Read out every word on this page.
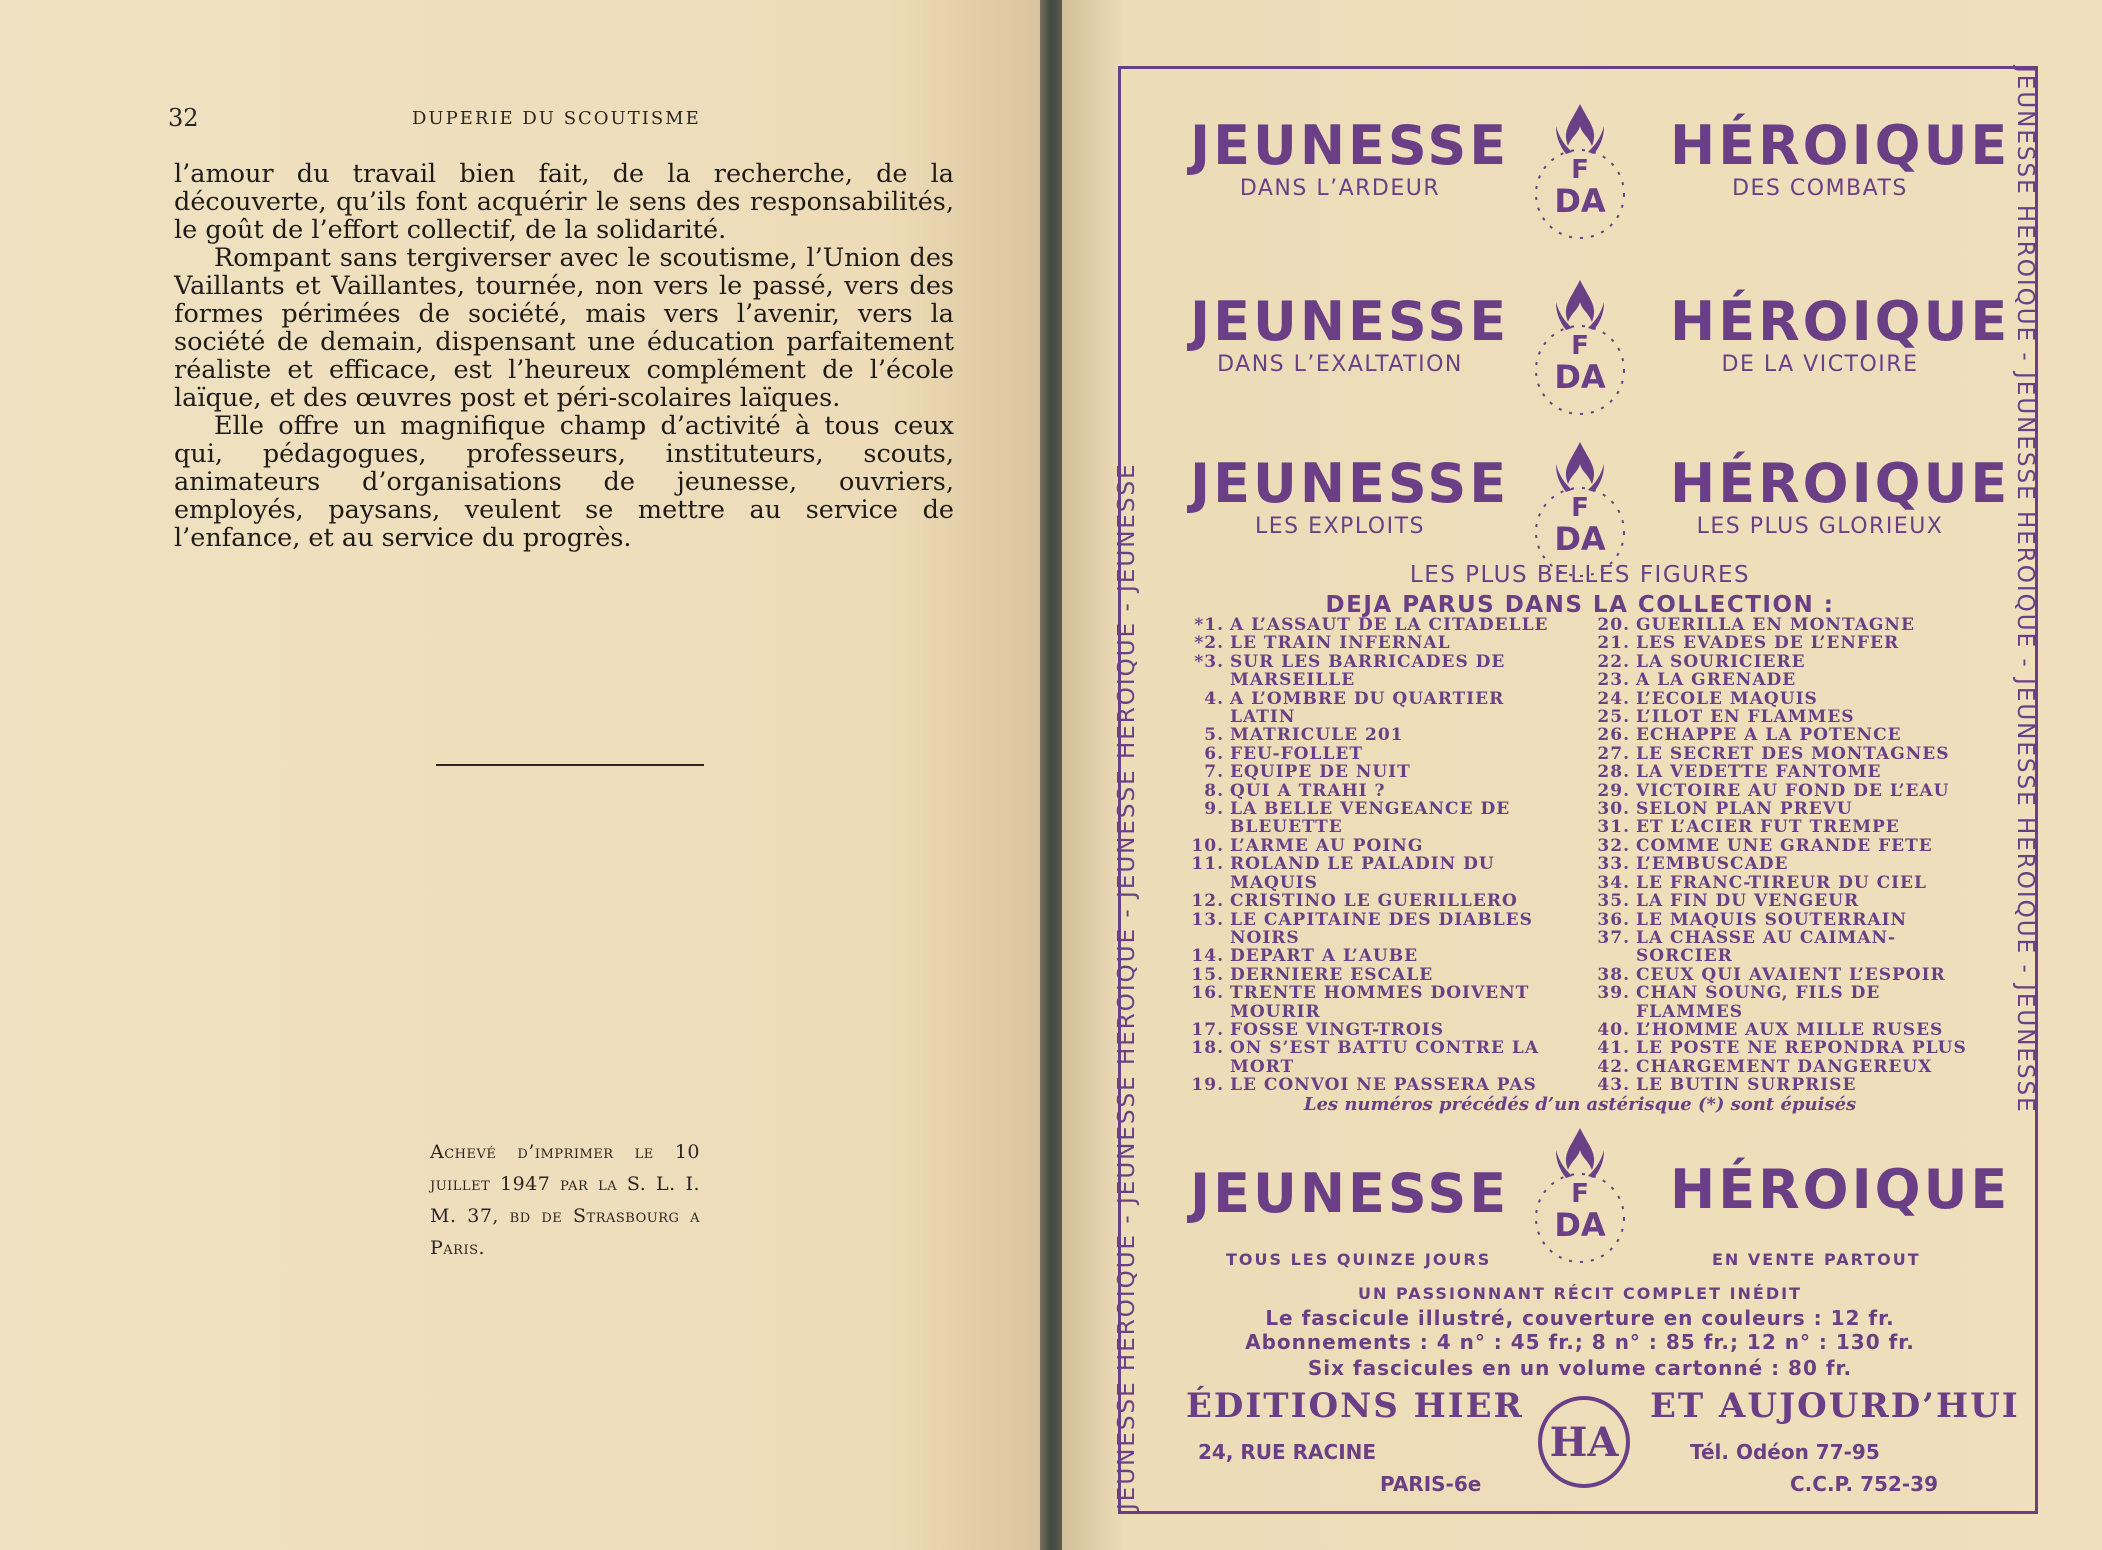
32	DUPERIE DU SCOUTISME

l’amour du travail bien fait, de la recherche, de la découverte, qu’ils font acquérir le sens des responsabilités, le goût de l’effort collectif, de la solidarité.

Rompant sans tergiverser avec le scoutisme, l’Union des Vaillants et Vaillantes, tournée, non vers le passé, vers des formes périmées de société, mais vers l’avenir, vers la société de demain, dispensant une éducation parfaitement réaliste et efficace, est l’heureux complément de l’école laïque, et des œuvres post et péri-scolaires laïques.

Elle offre un magnifique champ d’activité à tous ceux qui, pédagogues, professeurs, instituteurs, scouts, animateurs d’organisations de jeunesse, ouvriers, employés, paysans, veulent se mettre au service de l’enfance, et au service du progrès.

Achevé d’imprimer le 10 juillet 1947 par la S. L. I. M. 37, bd de Strasbourg a Paris.	JEUNESSE HEROIQUE - JEUNESSE HEROIQUE - JEUNESSE HEROIQUE - JEUNESSE	JEUNESSE HEROIQUE - JEUNESSE HEROIQUE - JEUNESSE HEROIQUE - JEUNESSE
JEUNESSE
DANS L’ARDEUR
F
DA
HÉROIQUE
DES COMBATS
JEUNESSE
DANS L’EXALTATION
F
DA
HÉROIQUE
DE LA VICTOIRE
JEUNESSE
LES EXPLOITS
F
DA
HÉROIQUE
LES PLUS GLORIEUX
LES PLUS BELLES FIGURES
DEJA PARUS DANS LA COLLECTION :
*1. A L’ASSAUT DE LA CITADELLE
*2. LE TRAIN INFERNAL
*3. SUR LES BARRICADES DE MARSEILLE
4. A L’OMBRE DU QUARTIER LATIN
5. MATRICULE 201
6. FEU-FOLLET
7. EQUIPE DE NUIT
8. QUI A TRAHI ?
9. LA BELLE VENGEANCE DE BLEUETTE
10. L’ARME AU POING
11. ROLAND LE PALADIN DU MAQUIS
12. CRISTINO LE GUERILLERO
13. LE CAPITAINE DES DIABLES NOIRS
14. DEPART A L’AUBE
15. DERNIERE ESCALE
16. TRENTE HOMMES DOIVENT MOURIR
17. FOSSE VINGT-TROIS
18. ON S’EST BATTU CONTRE LA MORT
19. LE CONVOI NE PASSERA PAS
20. GUERILLA EN MONTAGNE
21. LES EVADES DE L’ENFER
22. LA SOURICIERE
23. A LA GRENADE
24. L’ECOLE MAQUIS
25. L’ILOT EN FLAMMES
26. ECHAPPE A LA POTENCE
27. LE SECRET DES MONTAGNES
28. LA VEDETTE FANTOME
29. VICTOIRE AU FOND DE L’EAU
30. SELON PLAN PREVU
31. ET L’ACIER FUT TREMPE
32. COMME UNE GRANDE FETE
33. L’EMBUSCADE
34. LE FRANC-TIREUR DU CIEL
35. LA FIN DU VENGEUR
36. LE MAQUIS SOUTERRAIN
37. LA CHASSE AU CAIMAN-SORCIER
38. CEUX QUI AVAIENT L’ESPOIR
39. CHAN SOUNG, FILS DE FLAMMES
40. L’HOMME AUX MILLE RUSES
41. LE POSTE NE REPONDRA PLUS
42. CHARGEMENT DANGEREUX
43. LE BUTIN SURPRISE
Les numéros précédés d’un astérisque (*) sont épuisés
JEUNESSE F
DA
HÉROIQUE
TOUS LES QUINZE JOURS	EN VENTE PARTOUT
UN PASSIONNANT RÉCIT COMPLET INÉDIT
Le fascicule illustré, couverture en couleurs : 12 fr.
Abonnements : 4 n° : 45 fr.; 8 n° : 85 fr.; 12 n° : 130 fr.
Six fascicules en un volume cartonné : 80 fr.
ÉDITIONS HIER	ET AUJOURD’HUI
HA
24, RUE RACINE
PARIS-6e
Tél. Odéon 77-95
C.C.P. 752-39
